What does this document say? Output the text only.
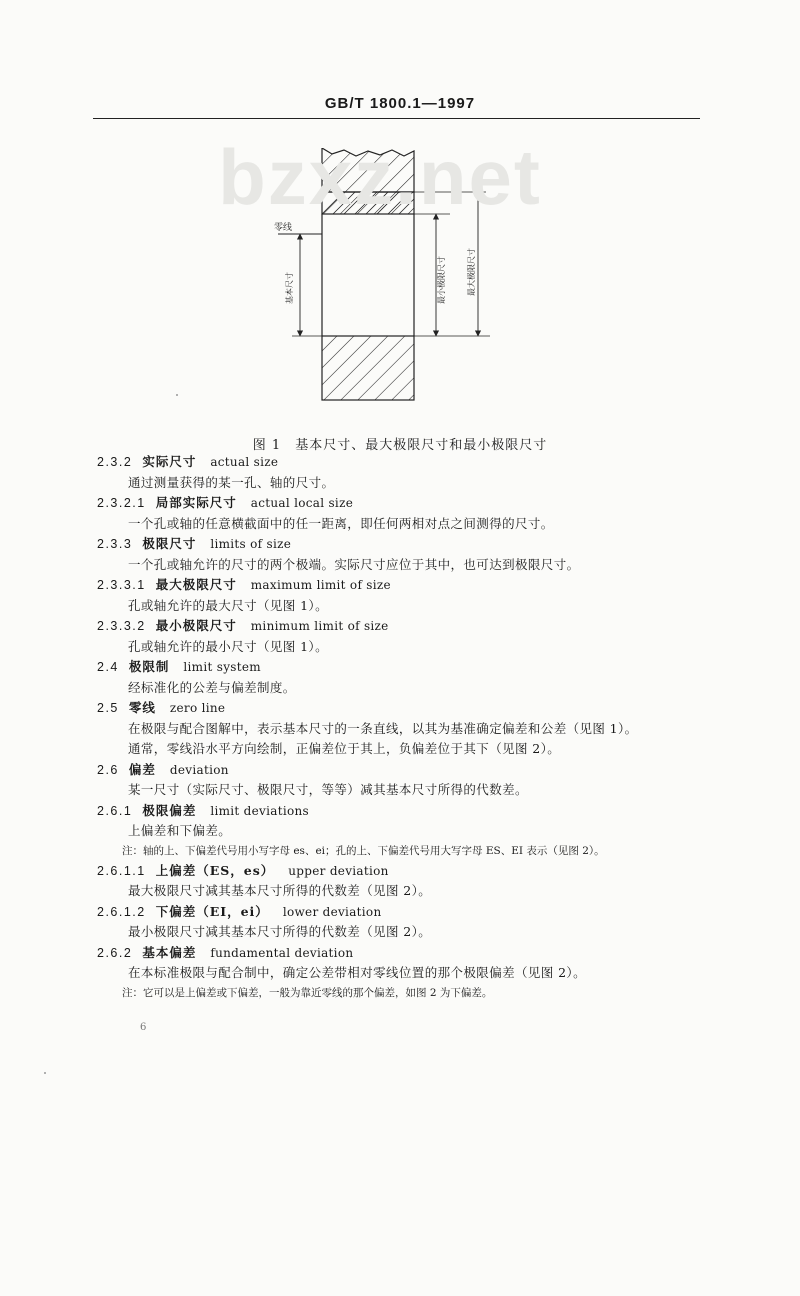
GB/T 1800.1—1997
bzxz.net
零线
基本尺寸	最小极限尺寸	最大极限尺寸
图 1　基本尺寸、最大极限尺寸和最小极限尺寸
2.3.2 实际尺寸 actual size
通过测量获得的某一孔、轴的尺寸。
2.3.2.1 局部实际尺寸 actual local size
一个孔或轴的任意横截面中的任一距离，即任何两相对点之间测得的尺寸。
2.3.3 极限尺寸 limits of size
一个孔或轴允许的尺寸的两个极端。实际尺寸应位于其中，也可达到极限尺寸。
2.3.3.1 最大极限尺寸 maximum limit of size
孔或轴允许的最大尺寸（见图 1）。
2.3.3.2 最小极限尺寸 minimum limit of size
孔或轴允许的最小尺寸（见图 1）。
2.4 极限制 limit system
经标准化的公差与偏差制度。
2.5 零线 zero line
在极限与配合图解中，表示基本尺寸的一条直线，以其为基准确定偏差和公差（见图 1）。
通常，零线沿水平方向绘制，正偏差位于其上，负偏差位于其下（见图 2）。
2.6 偏差 deviation
某一尺寸（实际尺寸、极限尺寸，等等）减其基本尺寸所得的代数差。
2.6.1 极限偏差 limit deviations
上偏差和下偏差。
注：轴的上、下偏差代号用小写字母 es、ei；孔的上、下偏差代号用大写字母 ES、EI 表示（见图 2）。
2.6.1.1 上偏差（ES，es） upper deviation
最大极限尺寸减其基本尺寸所得的代数差（见图 2）。
2.6.1.2 下偏差（EI，ei） lower deviation
最小极限尺寸减其基本尺寸所得的代数差（见图 2）。
2.6.2 基本偏差 fundamental deviation
在本标准极限与配合制中，确定公差带相对零线位置的那个极限偏差（见图 2）。
注：它可以是上偏差或下偏差，一般为靠近零线的那个偏差，如图 2 为下偏差。
6
